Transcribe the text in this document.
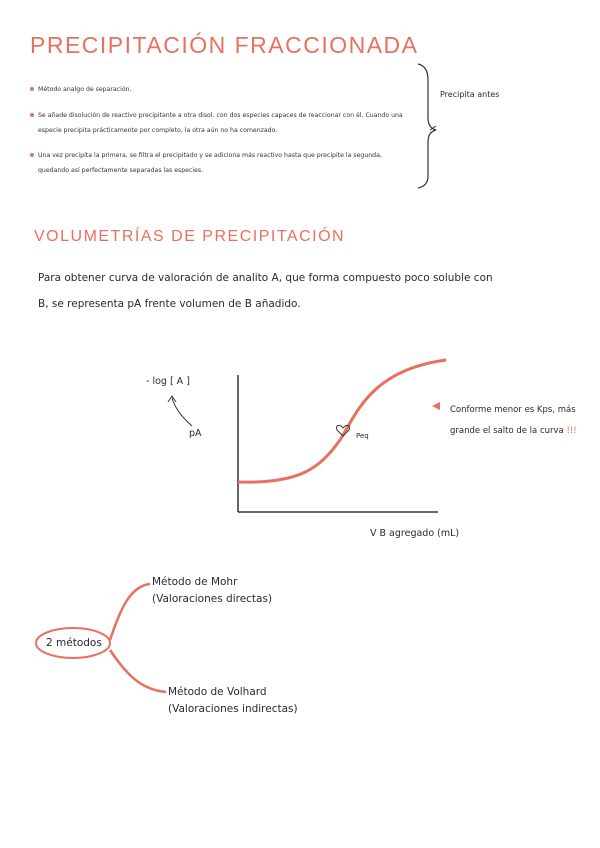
PRECIPITACIÓN FRACCIONADA
Método analgo de separación.
Se añade disolución de reactivo precipitante a otra disol. con dos especies capaces de reaccionar con él. Cuando una especie precipita prácticamente por completo, la otra aún no ha comenzado.
Una vez precipita la primera, se filtra el precipitado y se adiciona más reactivo hasta que precipite la segunda, quedando así perfectamente separadas las especies.
Precipita antes
VOLUMETRÍAS DE PRECIPITACIÓN
Para obtener curva de valoración de analito A, que forma compuesto poco soluble con
B, se representa pA frente volumen de B añadido.
- log [ A ]
pA	Peq
V B agregado (mL)
Conforme menor es Kps, más grande el salto de la curva !!!
2 métodos
Método de Mohr
(Valoraciones directas)
Método de Volhard
(Valoraciones indirectas)
